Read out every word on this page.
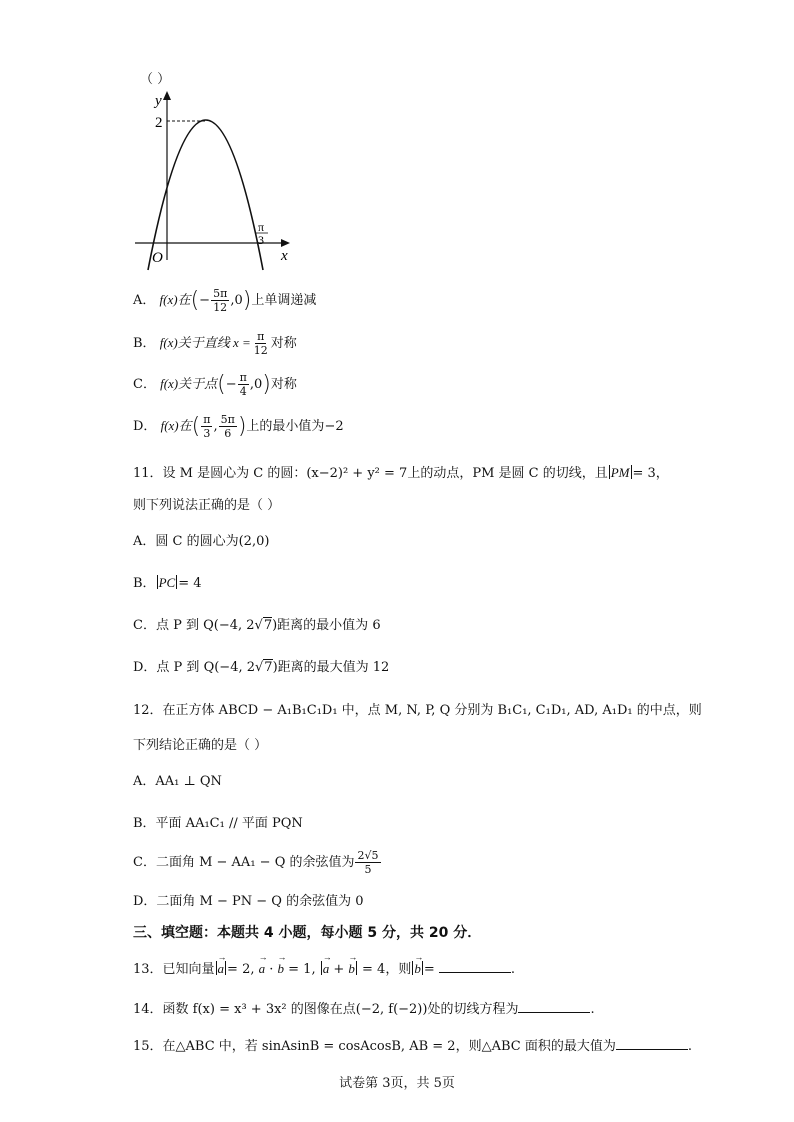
（ ）
y
x
O
2
π
3
A． f(x)在(− $\frac{5\pi}{12} ,0$)上单调递减
B． f(x)关于直线 $x = \frac{\pi}{12}$ 对称
C． f(x)关于点(− $\frac{\pi}{4} ,0$)对称
D． f(x)在( $\frac{\pi}{3}$ , $\frac{5\pi}{6}$ )上的最小值为−2
11．设 M 是圆心为 C 的圆：(x−2)² + y² = 7上的动点，PM 是圆 C 的切线，且 PM = 3，
则下列说法正确的是（ ）
A．圆 C 的圆心为(2,0)
B． PC = 4
C．点 P 到 Q(−4, 2√7)距离的最小值为 6
D．点 P 到 Q(−4, 2√7)距离的最大值为 12
12．在正方体 ABCD − A₁B₁C₁D₁ 中，点 M, N, P, Q 分别为 B₁C₁, C₁D₁, AD, A₁D₁ 的中点，则
下列结论正确的是（ ）
A．AA₁ ⊥ QN
B．平面 AA₁C₁ // 平面 PQN
C．二面角 M − AA₁ − Q 的余弦值为 $\frac{2√5}{5}$
D．二面角 M − PN − Q 的余弦值为 0
三、填空题：本题共 4 小题，每小题 5 分，共 20 分．
13．已知向量 → a = 2, → a · → b = 1, → a + → b = 4，则 → b =	.
14．函数 f(x) = x³ + 3x² 的图像在点(−2, f(−2))处的切线方程为	.
15．在△ABC 中，若 sinAsinB = cosAcosB, AB = 2，则△ABC 面积的最大值为	.
试卷第 3页，共 5页
